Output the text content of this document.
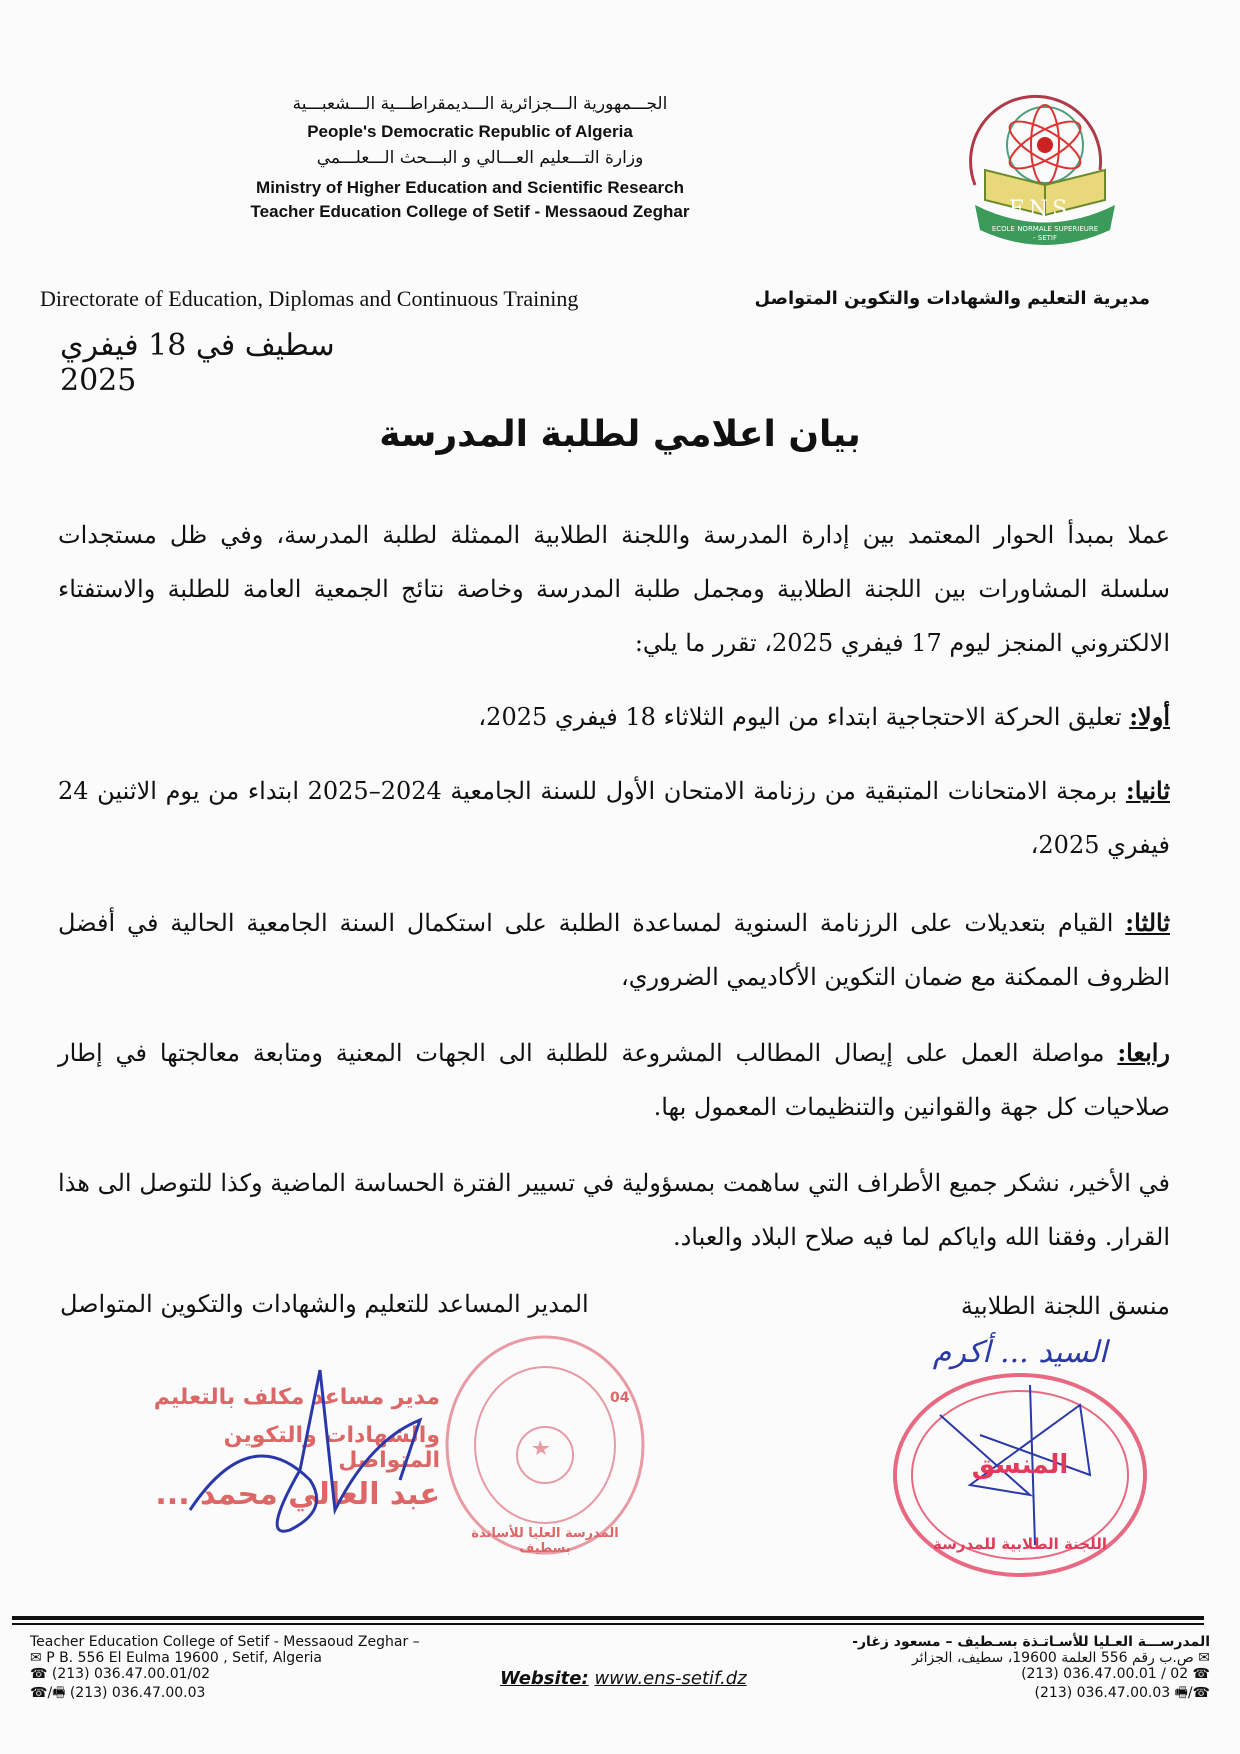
الجـــمهورية الـــجزائرية الـــديمقراطـــية الـــشعبـــية
People's Democratic Republic of Algeria
وزارة التـــعليم العـــالي و البـــحث الـــعلـــمي
Ministry of Higher Education and Scientific Research
Teacher Education College of Setif - Messaoud Zeghar	ENS
ECOLE NORMALE SUPERIEURE - SETIF
Directorate of Education, Diplomas and Continuous Training	مديرية التعليم والشهادات والتكوين المتواصل
سطيف في 18 فيفري 2025
بيان اعلامي لطلبة المدرسة
عملا بمبدأ الحوار المعتمد بين إدارة المدرسة واللجنة الطلابية الممثلة لطلبة المدرسة، وفي ظل مستجدات سلسلة المشاورات بين اللجنة الطلابية ومجمل طلبة المدرسة وخاصة نتائج الجمعية العامة للطلبة والاستفتاء الالكتروني المنجز ليوم 17 فيفري 2025، تقرر ما يلي:
أولا: تعليق الحركة الاحتجاجية ابتداء من اليوم الثلاثاء 18 فيفري 2025،
ثانيا: برمجة الامتحانات المتبقية من رزنامة الامتحان الأول للسنة الجامعية 2024–2025 ابتداء من يوم الاثنين 24 فيفري 2025،
ثالثا: القيام بتعديلات على الرزنامة السنوية لمساعدة الطلبة على استكمال السنة الجامعية الحالية في أفضل الظروف الممكنة مع ضمان التكوين الأكاديمي الضروري،
رابعا: مواصلة العمل على إيصال المطالب المشروعة للطلبة الى الجهات المعنية ومتابعة معالجتها في إطار صلاحيات كل جهة والقوانين والتنظيمات المعمول بها.
في الأخير، نشكر جميع الأطراف التي ساهمت بمسؤولية في تسيير الفترة الحساسة الماضية وكذا للتوصل الى هذا القرار. وفقنا الله واياكم لما فيه صلاح البلاد والعباد.
منسق اللجنة الطلابية
المدير المساعد للتعليم والشهادات والتكوين المتواصل
المنسق
اللجنة الطلابية للمدرسة
السيد ... أكرم
مدير مساعد مكلف بالتعليم
والشهادات والتكوين المتواصل
عبد العالي محمد ...
04
المدرسة العليا للأساتذة بسطيف
Teacher Education College of Setif - Messaoud Zeghar –
✉ P B. 556 El Eulma 19600 , Setif, Algeria
☎ (213) 036.47.00.01/02
☎/🖷 (213) 036.47.00.03
Website: www.ens-setif.dz
المدرســـة العـليا للأسـاتـذة بسـطيف – مسعود زغار-
✉ ص.ب رقم 556 العلمة 19600، سطيف، الجزائر
(213) 036.47.00.01 / 02 ☎
(213) 036.47.00.03 🖷/☎
